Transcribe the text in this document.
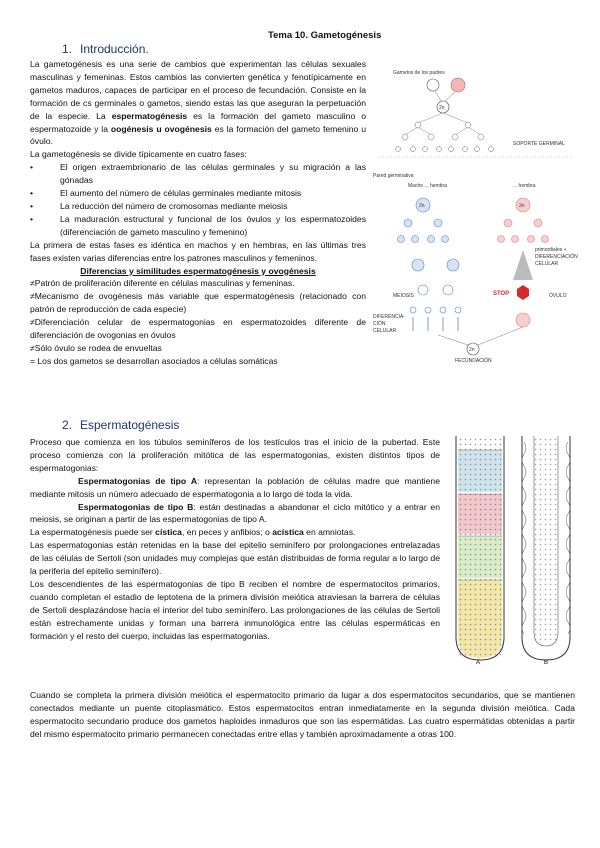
Tema 10. Gametogénesis
1. Introducción.

La gametogénesis es una serie de cambios que experimentan las células sexuales masculinas y femeninas. Estos cambios las convierten genética y fenotípicamente en gametos maduros, capaces de participar en el proceso de fecundación. Consiste en la formación de cs germinales o gametos, siendo estas las que aseguran la perpetuación de la especie. La espermatogénesis es la formación del gameto masculino o espermatozoide y la oogénesis u ovogénesis es la formación del gameto femenino u óvulo.

La gametogénesis se divide típicamente en cuatro fases:

•	El origen extraembrionario de las células germinales y su migración a las gónadas
•	El aumento del número de células germinales mediante mitosis
•	La reducción del número de cromosomas mediante meiosis
•	La maduración estructural y funcional de los óvulos y los espermatozoides (diferenciación de gameto masculino y femenino)

La primera de estas fases es idéntica en machos y en hembras, en las últimas tres fases existen varias diferencias entre los patrones masculinos y femeninos.

Diferencias y similitudes espermatogénesis y ovogénesis

≠Patrón de proliferación diferente en células masculinas y femeninas.

≠Mecanismo de ovogénesis más variable que espermatogénesis (relacionado con patrón de reproducción de cada especie)

≠Diferenciación celular de espermatogonias en espermatozoides diferente de diferenciación de ovogonias en óvulos

≠Sólo óvulo se rodea de envueltas

= Los dos gametos se desarrollan asociados a células somáticas

Gametos de los padres
2n
SOPORTE GERMINAL
Pared germinativa
Macho ... hembra	... hembra
2n	2n
primordiales +
DIFERENCIACIÓN
CELULAR
STOP
MEIOSIS	ÓVULO
DIFERENCIA-
CIÓN
CELULAR
2n
FECUNDACIÓN
2. Espermatogénesis

Proceso que comienza en los túbulos seminíferos de los testículos tras el inicio de la pubertad. Este proceso comienza con la proliferación mitótica de las espermatogonias, existen distintos tipos de espermatogonias:

Espermatogonias de tipo A: representan la población de células madre que mantiene mediante mitosis un número adecuado de espermatogonia a lo largo de toda la vida.

Espermatogonias de tipo B: están destinadas a abandonar el ciclo mitótico y a entrar en meiosis, se originan a partir de las espermatogonias de tipo A.

La espermatogénesis puede ser cística, en peces y anfibios; o acística en amniotas.

Las espermatogonias están retenidas en la base del epitelio seminífero por prolongaciones entrelazadas de las células de Sertoli (son unidades muy complejas que están distribuidas de forma regular a lo largo de la periferia del epitelio seminífero).

Los descendientes de las espermatogonias de tipo B reciben el nombre de espermatocitos primarios, cuando completan el estadio de leptotena de la primera división meiótica atraviesan la barrera de células de Sertoli desplazándose hacia el interior del tubo seminífero. Las prolongaciones de las células de Sertoli están estrechamente unidas y forman una barrera inmunológica entre las células espermáticas en formación y el resto del cuerpo, incluidas las espermatogonias.

Cuando se completa la primera división meiótica el espermatocito primario da lugar a dos espermatocitos secundarios, que se mantienen conectados mediante un puente citoplasmático. Estos espermatocitos entran inmediatamente en la segunda división meiótica. Cada espermatocito secundario produce dos gametos haploides inmaduros que son las espermátidas. Las cuatro espermátidas obtenidas a partir del mismo espermatocito primario permanecen conectadas entre ellas y también aproximadamente a otras 100.

A	B
